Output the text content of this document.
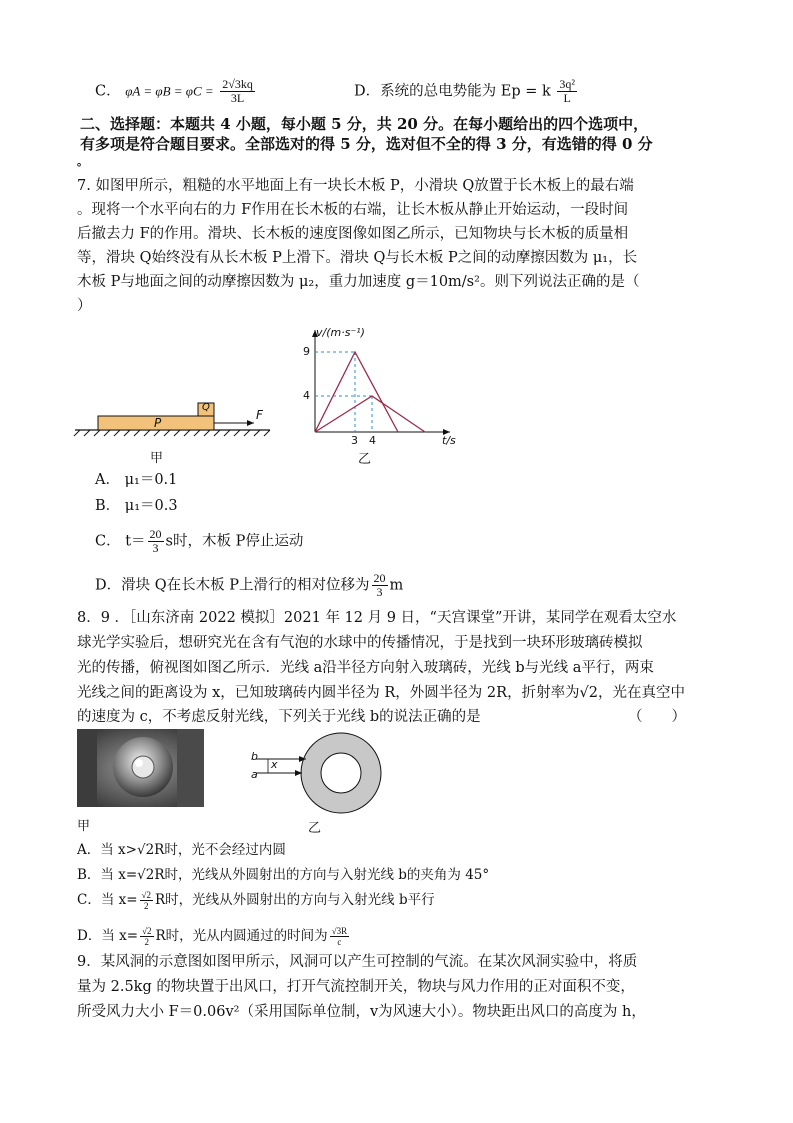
C． $\varphi A = \varphi B = \varphi C = \frac{2√3kq}{3L}$	D．系统的总电势能为 Ep = k $\frac{\text{3q²}}{L}$
二、选择题：本题共 4 小题，每小题 5 分，共 20 分。在每小题给出的四个选项中，
有多项是符合题目要求。全部选对的得 5 分，选对但不全的得 3 分，有选错的得 0 分
。
7. 如图甲所示，粗糙的水平地面上有一块长木板 P，小滑块 Q放置于长木板上的最右端
。现将一个水平向右的力 F作用在长木板的右端，让长木板从静止开始运动，一段时间
后撤去力 F的作用。滑块、长木板的速度图像如图乙所示，已知物块与长木板的质量相
等，滑块 Q始终没有从长木板 P上滑下。滑块 Q与长木板 P之间的动摩擦因数为 μ₁，长
木板 P与地面之间的动摩擦因数为 μ₂，重力加速度 g＝10m/s²。则下列说法正确的是（
）
P
Q
F
甲
v/(m·s⁻¹)
9
4
3 4	t/s
乙
A． μ₁＝0.1
B． μ₁＝0.3
C． $t= \frac{20}{3}$ s时，木板 P停止运动
D．滑块 Q在长木板 P上滑行的相对位移为 $\frac{20}{3}$ m
8．9 ．［山东济南 2022 模拟］2021 年 12 月 9 日，“天宫课堂”开讲，某同学在观看太空水
球光学实验后，想研究光在含有气泡的水球中的传播情况，于是找到一块环形玻璃砖模拟
光的传播，俯视图如图乙所示．光线 a沿半径方向射入玻璃砖，光线 b与光线 a平行，两束
光线之间的距离设为 x，已知玻璃砖内圆半径为 R，外圆半径为 2R，折射率为√2，光在真空中
的速度为 c，不考虑反射光线，下列关于光线 b的说法正确的是	（　　）
甲
b
a
x
乙
A．当 x>√2R时，光不会经过内圆
B．当 x=√2R时，光线从外圆射出的方向与入射光线 b的夹角为 45°
C．当 $x= \frac{√2}{2}$ R时，光线从外圆射出的方向与入射光线 b平行
D．当 $x= \frac{√2}{2}$ R时，光从内圆通过的时间为 $\frac{√3R}{c}$
9．某风洞的示意图如图甲所示，风洞可以产生可控制的气流。在某次风洞实验中，将质
量为 2.5kg 的物块置于出风口，打开气流控制开关，物块与风力作用的正对面积不变，
所受风力大小 F＝0.06v²（采用国际单位制，v为风速大小）。物块距出风口的高度为 h，
